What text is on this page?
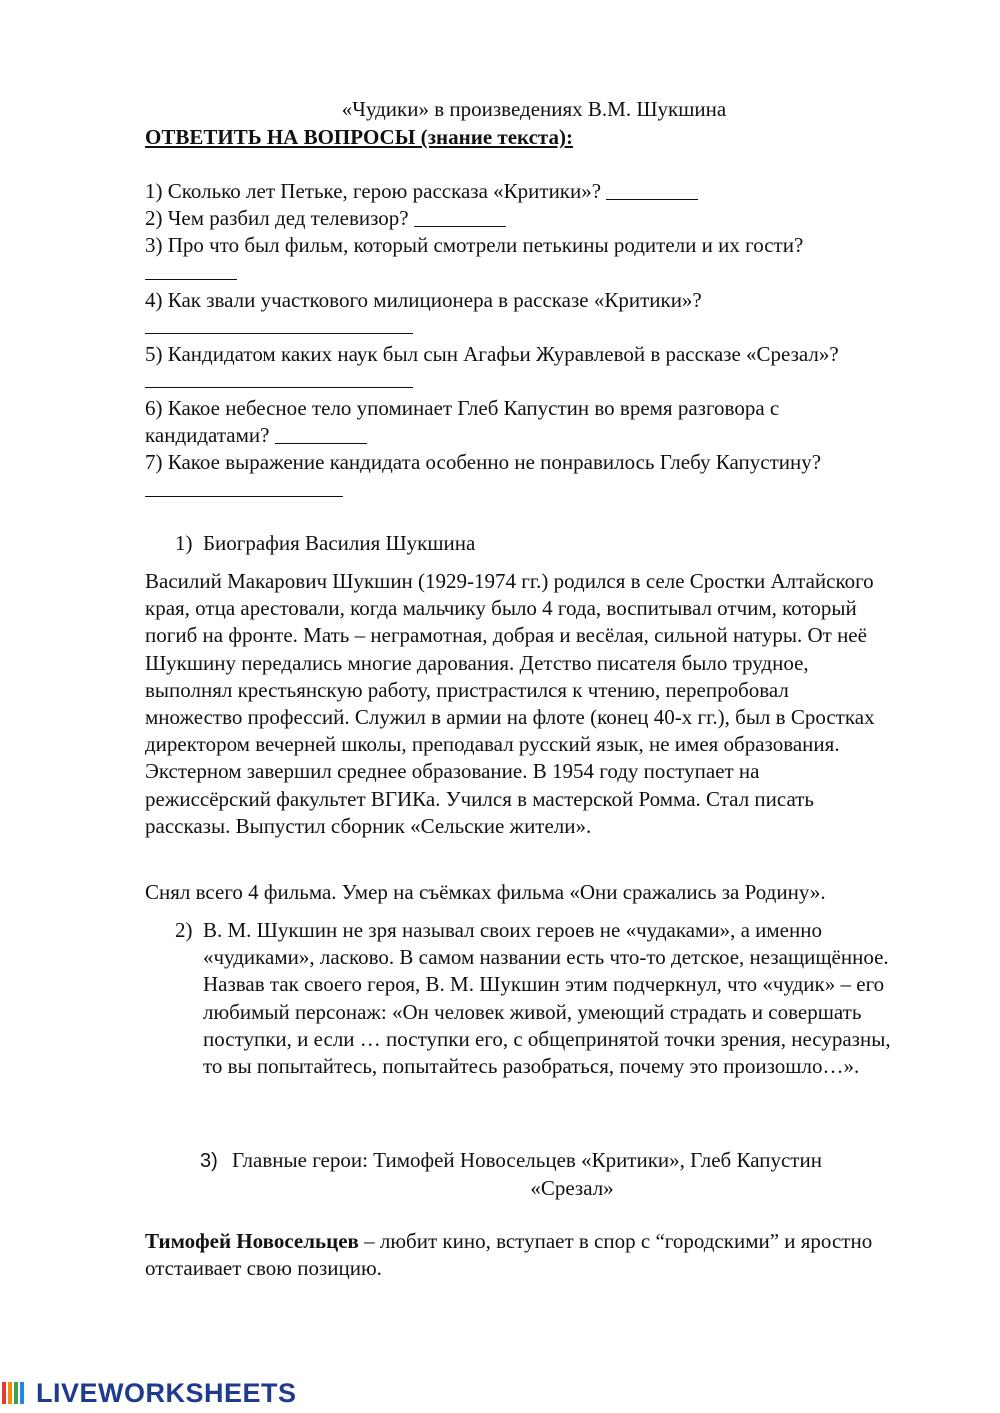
«Чудики» в произведениях В.М. Шукшина
ОТВЕТИТЬ НА ВОПРОСЫ (знание текста):
1) Сколько лет Петьке, герою рассказа «Критики»?
2) Чем разбил дед телевизор?
3) Про что был фильм, который смотрели петькины родители и их гости?
4) Как звали участкового милиционера в рассказе «Критики»?
5) Кандидатом каких наук был сын Агафьи Журавлевой в рассказе «Срезал»?
6) Какое небесное тело упоминает Глеб Капустин во время разговора с
кандидатами?
7) Какое выражение кандидата особенно не понравилось Глебу Капустину?
1) Биография Василия Шукшина

Василий Макарович Шукшин (1929-1974 гг.) родился в селе Сростки Алтайского края, отца арестовали, когда мальчику было 4 года, воспитывал отчим, который погиб на фронте. Мать – неграмотная, добрая и весёлая, сильной натуры. От неё Шукшину передались многие дарования. Детство писателя было трудное, выполнял крестьянскую работу, пристрастился к чтению, перепробовал множество профессий. Служил в армии на флоте (конец 40-х гг.), был в Сростках директором вечерней школы, преподавал русский язык, не имея образования. Экстерном завершил среднее образование. В 1954 году поступает на режиссёрский факультет ВГИКа. Учился в мастерской Ромма. Стал писать рассказы. Выпустил сборник «Сельские жители».

Снял всего 4 фильма. Умер на съёмках фильма «Они сражались за Родину».

2) В. М. Шукшин не зря называл своих героев не «чудаками», а именно «чудиками», ласково. В самом названии есть что-то детское, незащищённое. Назвав так своего героя, В. М. Шукшин этим подчеркнул, что «чудик» – его любимый персонаж: «Он человек живой, умеющий страдать и совершать поступки, и если … поступки его, с общепринятой точки зрения, несуразны, то вы попытайтесь, попытайтесь разобраться, почему это произошло…».
3) Главные герои: Тимофей Новосельцев «Критики», Глеб Капустин
«Срезал»
Тимофей Новосельцев – любит кино, вступает в спор с “городскими” и яростно отстаивает свою позицию.
LIVEWORKSHEETS
